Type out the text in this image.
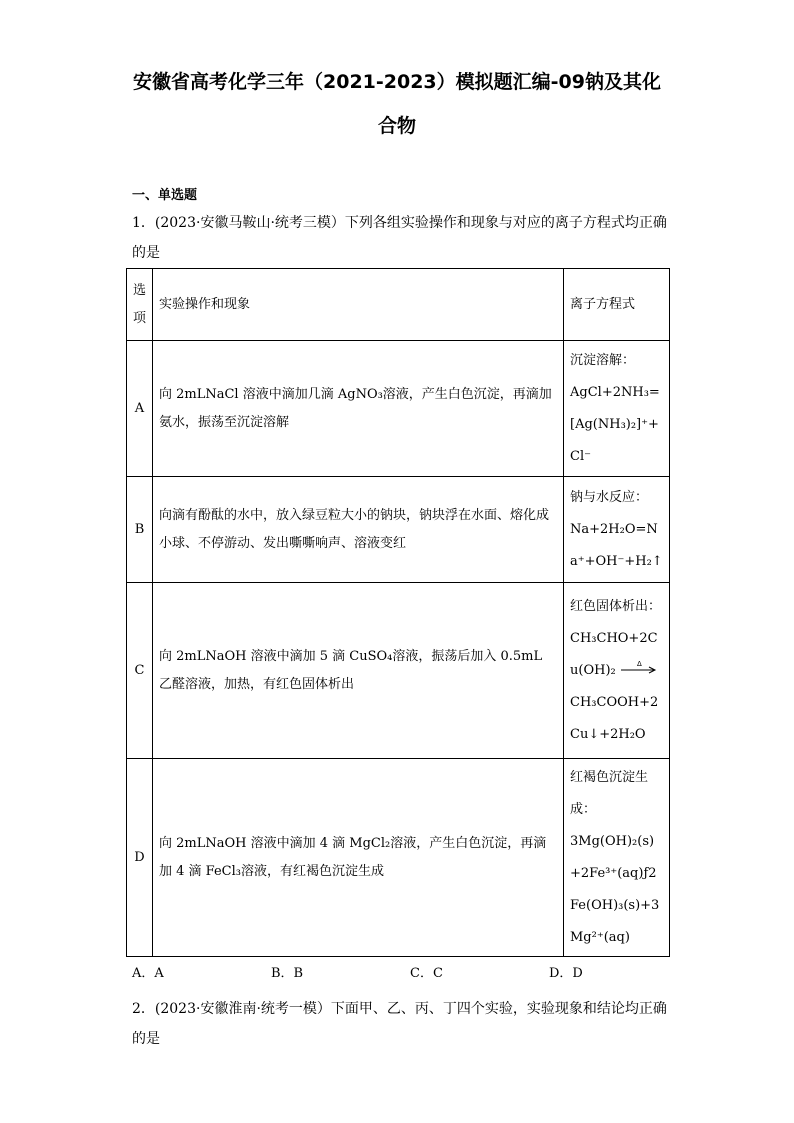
安徽省高考化学三年（2021-2023）模拟题汇编-09钠及其化
合物
一、单选题
1．(2023·安徽马鞍山·统考三模）下列各组实验操作和现象与对应的离子方程式均正确
的是
选项	实验操作和现象	离子方程式
A	向 2mLNaCl 溶液中滴加几滴 AgNO₃溶液，产生白色沉淀，再滴加氨水，振荡至沉淀溶解	沉淀溶解：
AgCl+2NH₃=[Ag(NH₃)₂]⁺+Cl⁻

B	向滴有酚酞的水中，放入绿豆粒大小的钠块，钠块浮在水面、熔化成小球、不停游动、发出嘶嘶响声、溶液变红	钠与水反应：
Na+2H₂O=Na⁺+OH⁻+H₂↑

C	向 2mLNaOH 溶液中滴加 5 滴 CuSO₄溶液，振荡后加入 0.5mL 乙醛溶液，加热，有红色固体析出	红色固体析出：
CH₃CHO+2Cu(OH)₂ Δ
CH₃COOH+2Cu↓+2H₂O

D	向 2mLNaOH 溶液中滴加 4 滴 MgCl₂溶液，产生白色沉淀，再滴加 4 滴 FeCl₃溶液，有红褐色沉淀生成	红褐色沉淀生成：
3Mg(OH)₂(s)+2Fe³⁺(aq)ƒ2Fe(OH)₃(s)+3Mg²⁺(aq)
A．A	B．B	C．C	D．D
2．(2023·安徽淮南·统考一模）下面甲、乙、丙、丁四个实验，实验现象和结论均正确
的是
